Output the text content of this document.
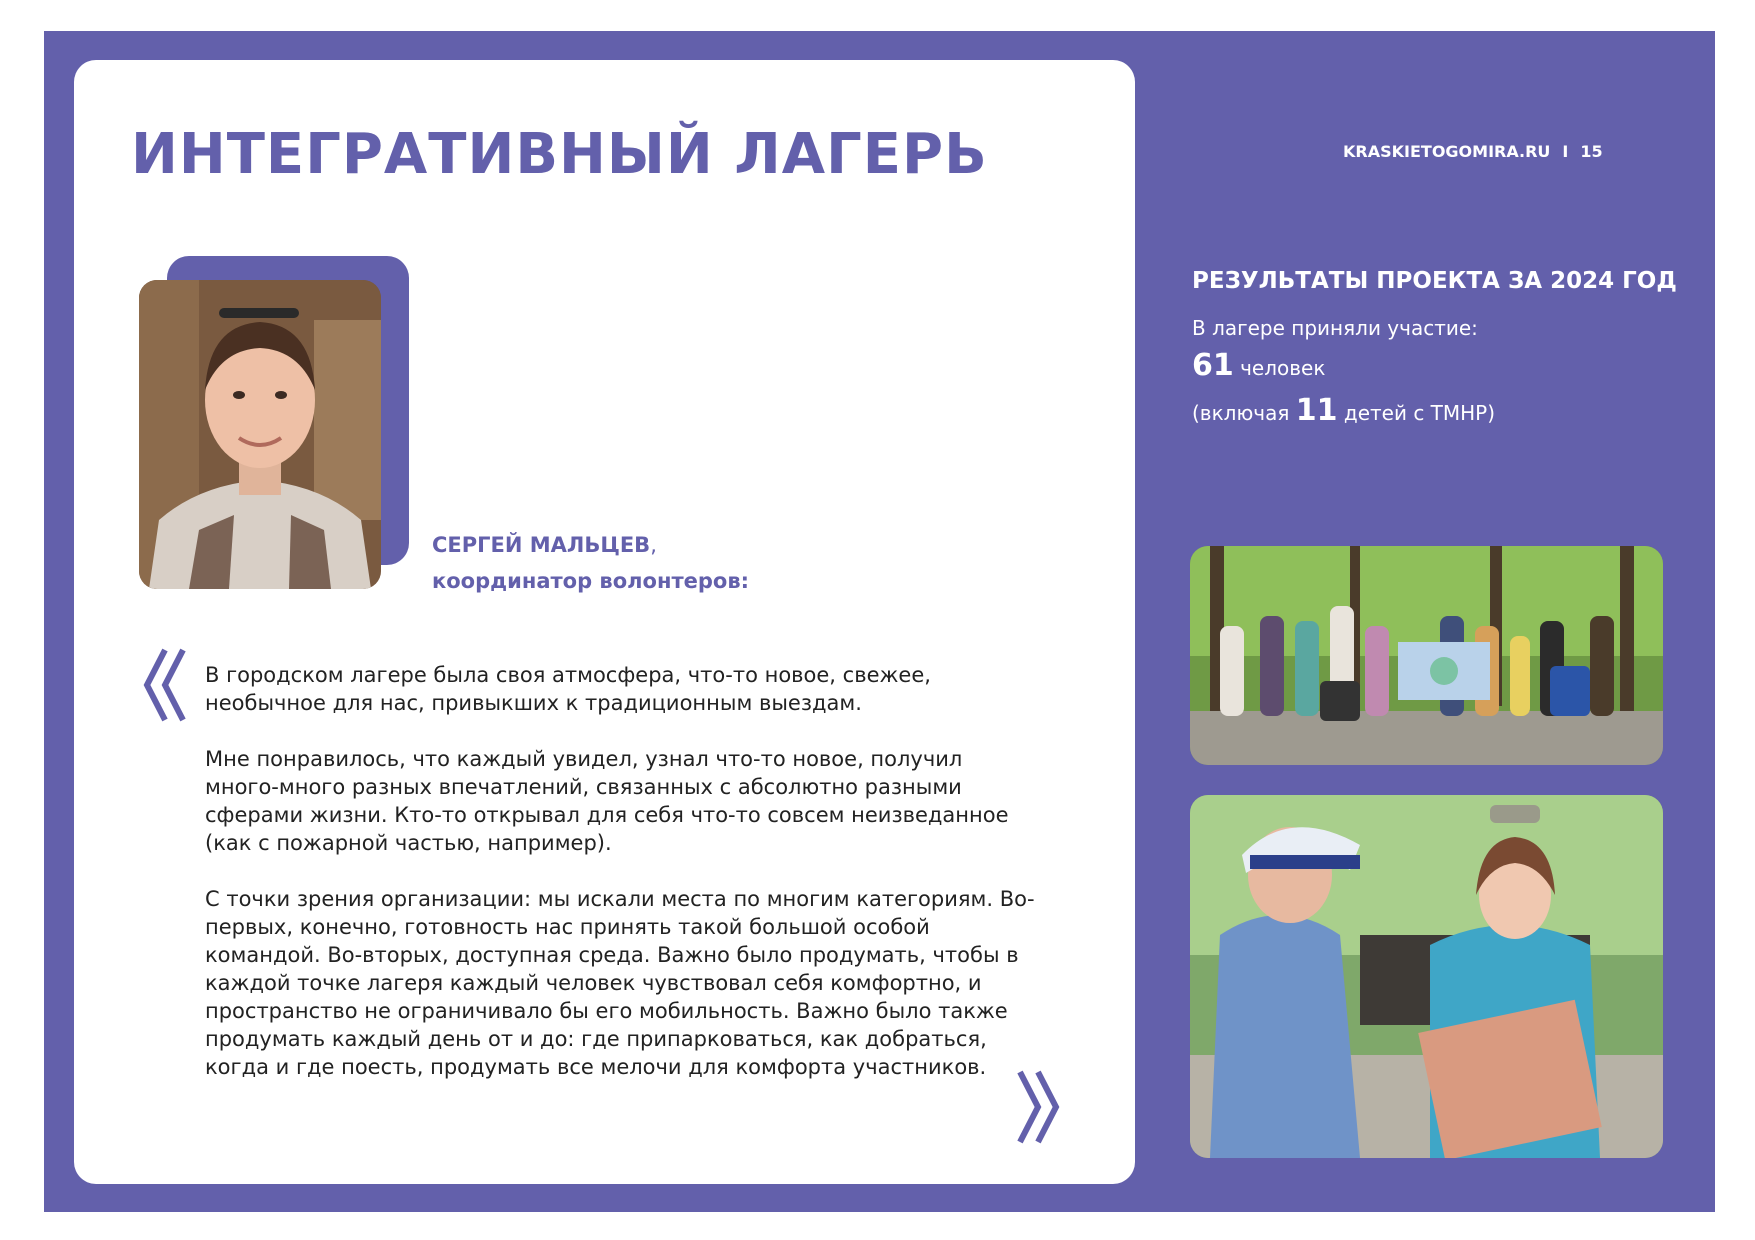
ИНТЕГРАТИВНЫЙ ЛАГЕРЬ
СЕРГЕЙ МАЛЬЦЕВ,
координатор волонтеров:

В городском лагере была своя атмосфера, что-то новое, свежее, необычное для нас, привыкших к традиционным выездам.

Мне понравилось, что каждый увидел, узнал что-то новое, получил много-много разных впечатлений, связанных с абсолютно разными сферами жизни. Кто-то открывал для себя что-то совсем неизведанное (как с пожарной частью, например).

С точки зрения организации: мы искали места по многим категориям. Во-первых, конечно, готовность нас принять такой большой особой командой. Во-вторых, доступная среда. Важно было продумать, чтобы в каждой точке лагеря каждый человек чувствовал себя комфортно, и пространство не ограничивало бы его мобильность. Важно было также продумать каждый день от и до: где припарковаться, как добраться, когда и где поесть, продумать все мелочи для комфорта участников.

KRASKIETOGOMIRA.RU I 15
РЕЗУЛЬТАТЫ ПРОЕКТА ЗА 2024 ГОД
В лагере приняли участие:
61 человек
(включая 11 детей с ТМНР)
